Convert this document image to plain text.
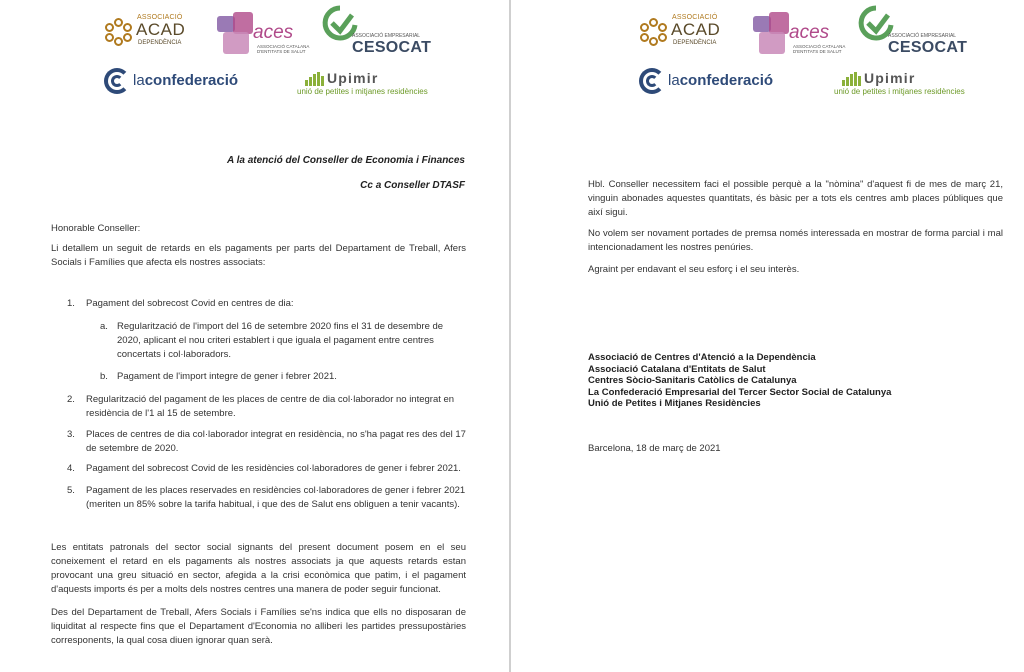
ASSOCIACIÓ
ACAD
DEPENDÈNCIA	aces
ASSOCIACIÓ CATALANA
D'ENTITATS DE SALUT
ASSOCIACIÓ EMPRESARIAL
CESOCAT
laconfederació	Upimir
unió de petites i mitjanes residències
A la atenció del Conseller de Economia i Finances
Cc a Conseller DTASF
Honorable Conseller:
Li detallem un seguit de retards en els pagaments per parts del Departament de Treball, Afers Socials i Famílies que afecta els nostres associats:
1. Pagament del sobrecost Covid en centres de dia:
a. Regularització de l'import del 16 de setembre 2020 fins el 31 de desembre de 2020, aplicant el nou criteri establert i que iguala el pagament entre centres concertats i col·laboradors.
b. Pagament de l'import integre de gener i febrer 2021.
2. Regularització del pagament de les places de centre de dia col·laborador no integrat en residència de l'1 al 15 de setembre.
3. Places de centres de dia col·laborador integrat en residència, no s'ha pagat res des del 17 de setembre de 2020.
4. Pagament del sobrecost Covid de les residències col·laboradores de gener i febrer 2021.
5. Pagament de les places reservades en residències col·laboradores de gener i febrer 2021 (meriten un 85% sobre la tarifa habitual, i que des de Salut ens obliguen a tenir vacants).
Les entitats patronals del sector social signants del present document posem en el seu coneixement el retard en els pagaments als nostres associats ja que aquests retards estan provocant una greu situació en sector, afegida a la crisi econòmica que patim, i el pagament d'aquests imports és per a molts dels nostres centres una manera de poder seguir funcionat.
Des del Departament de Treball, Afers Socials i Famílies se'ns indica que ells no disposaran de liquiditat al respecte fins que el Departament d'Economia no alliberi les partides pressupostàries corresponents, la qual cosa diuen ignorar quan serà.
ASSOCIACIÓ
ACAD
DEPENDÈNCIA	aces
ASSOCIACIÓ CATALANA
D'ENTITATS DE SALUT
ASSOCIACIÓ EMPRESARIAL
CESOCAT
laconfederació	Upimir
unió de petites i mitjanes residències
Hbl. Conseller necessitem faci el possible perquè a la "nòmina" d'aquest fi de mes de març 21, vinguin abonades aquestes quantitats, és bàsic per a tots els centres amb places públiques que així sigui.
No volem ser novament portades de premsa només interessada en mostrar de forma parcial i mal intencionadament les nostres penúries.
Agraint per endavant el seu esforç i el seu interès.
Associació de Centres d'Atenció a la Dependència
Associació Catalana d'Entitats de Salut
Centres Sòcio-Sanitaris Catòlics de Catalunya
La Confederació Empresarial del Tercer Sector Social de Catalunya
Unió de Petites i Mitjanes Residències
Barcelona, 18 de març de 2021
